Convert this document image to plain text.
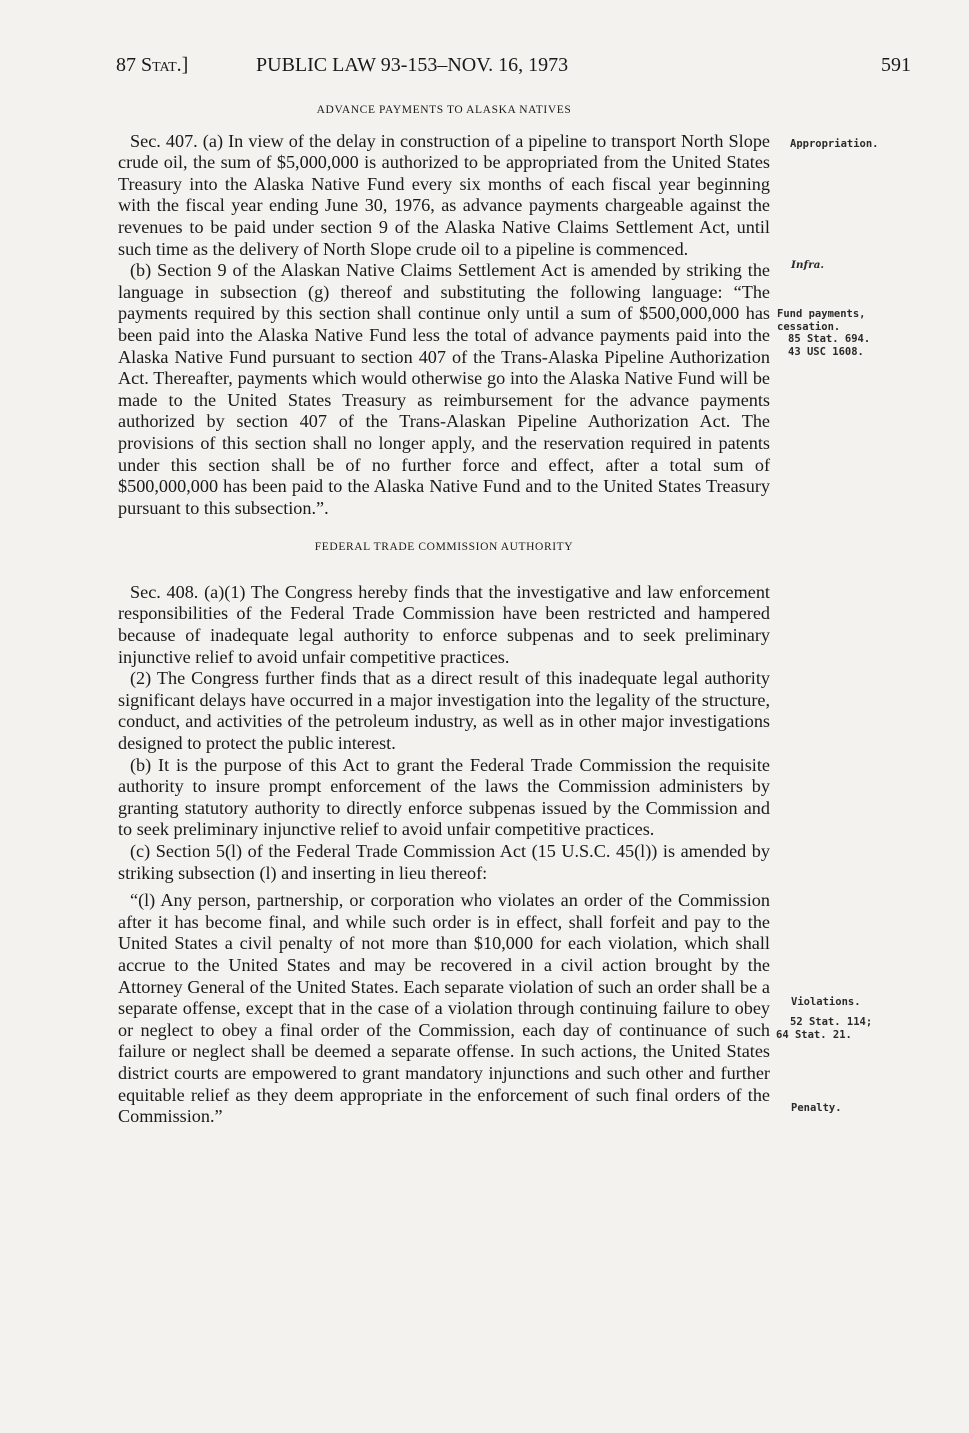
87 Stat.]	PUBLIC LAW 93-153–NOV. 16, 1973	591
ADVANCE PAYMENTS TO ALASKA NATIVES

Sec. 407. (a) In view of the delay in construction of a pipeline to transport North Slope crude oil, the sum of $5,000,000 is authorized to be appropriated from the United States Treasury into the Alaska Native Fund every six months of each fiscal year beginning with the fiscal year ending June 30, 1976, as advance payments chargeable against the revenues to be paid under section 9 of the Alaska Native Claims Settlement Act, until such time as the delivery of North Slope crude oil to a pipeline is commenced.

(b) Section 9 of the Alaskan Native Claims Settlement Act is amended by striking the language in subsection (g) thereof and substituting the following language: “The payments required by this section shall continue only until a sum of $500,000,000 has been paid into the Alaska Native Fund less the total of advance payments paid into the Alaska Native Fund pursuant to section 407 of the Trans-Alaska Pipeline Authorization Act. Thereafter, payments which would otherwise go into the Alaska Native Fund will be made to the United States Treasury as reimbursement for the advance payments authorized by section 407 of the Trans-Alaskan Pipeline Authorization Act. The provisions of this section shall no longer apply, and the reservation required in patents under this section shall be of no further force and effect, after a total sum of $500,000,000 has been paid to the Alaska Native Fund and to the United States Treasury pursuant to this subsection.”.

FEDERAL TRADE COMMISSION AUTHORITY

Sec. 408. (a)(1) The Congress hereby finds that the investigative and law enforcement responsibilities of the Federal Trade Commission have been restricted and hampered because of inadequate legal authority to enforce subpenas and to seek preliminary injunctive relief to avoid unfair competitive practices.

(2) The Congress further finds that as a direct result of this inadequate legal authority significant delays have occurred in a major investigation into the legality of the structure, conduct, and activities of the petroleum industry, as well as in other major investigations designed to protect the public interest.

(b) It is the purpose of this Act to grant the Federal Trade Commission the requisite authority to insure prompt enforcement of the laws the Commission administers by granting statutory authority to directly enforce subpenas issued by the Commission and to seek preliminary injunctive relief to avoid unfair competitive practices.

(c) Section 5(l) of the Federal Trade Commission Act (15 U.S.C. 45(l)) is amended by striking subsection (l) and inserting in lieu thereof:

“(l) Any person, partnership, or corporation who violates an order of the Commission after it has become final, and while such order is in effect, shall forfeit and pay to the United States a civil penalty of not more than $10,000 for each violation, which shall accrue to the United States and may be recovered in a civil action brought by the Attorney General of the United States. Each separate violation of such an order shall be a separate offense, except that in the case of a violation through continuing failure to obey or neglect to obey a final order of the Commission, each day of continuance of such failure or neglect shall be deemed a separate offense. In such actions, the United States district courts are empowered to grant mandatory injunctions and such other and further equitable relief as they deem appropriate in the enforcement of such final orders of the Commission.”

Appropriation.
Infra.
Fund payments,
cessation.
85 Stat. 694.
43 USC 1608.
Violations.
52 Stat. 114;
64 Stat. 21.
Penalty.
